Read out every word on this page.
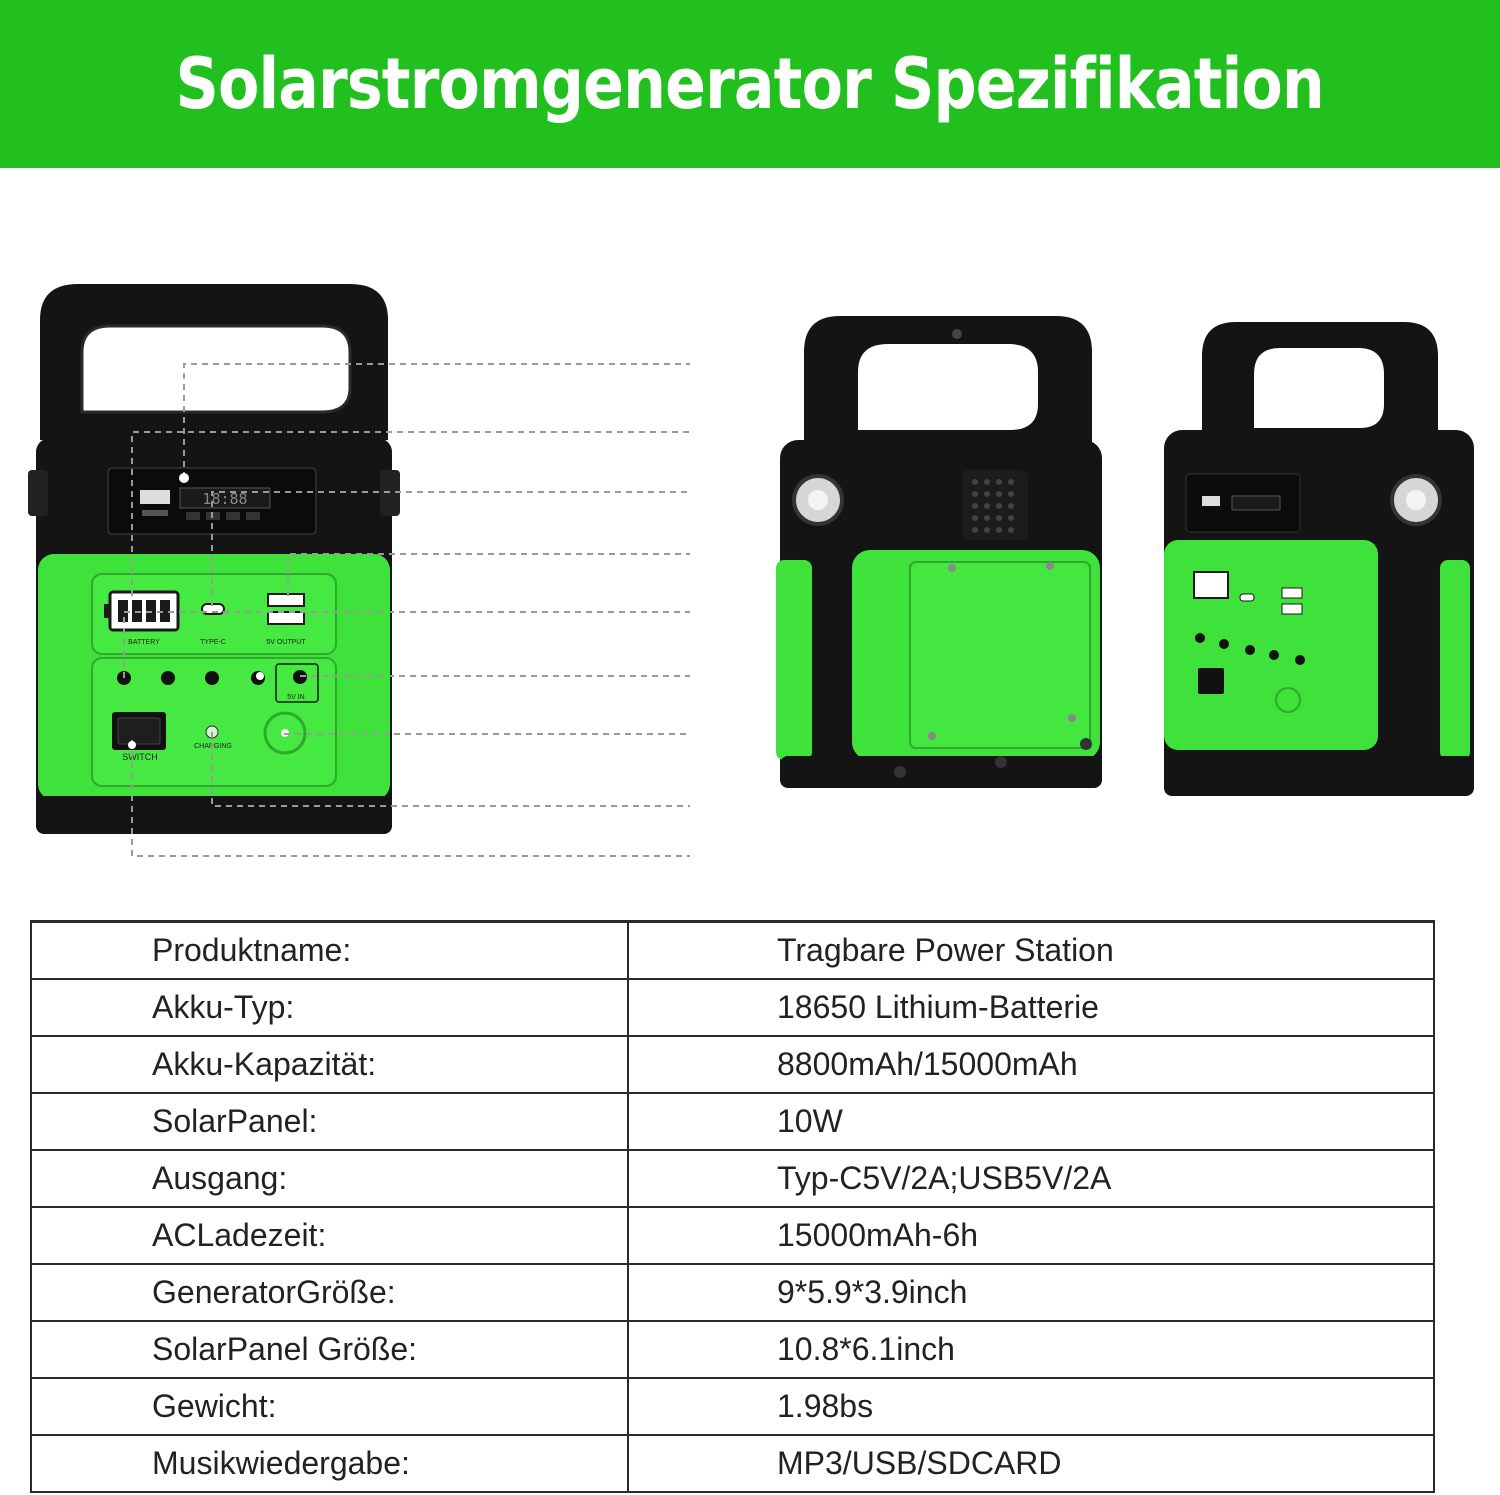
Solarstromgenerator Spezifikation
18:88
BATTERY	TYPE-C	5V OUTPUT
5V IN
SWITCH
CHARGING
Produktname:	Tragbare Power Station
Akku-Typ:	18650 Lithium-Batterie
Akku-Kapazität:	8800mAh/15000mAh
SolarPanel:	10W
Ausgang:	Typ-C5V/2A;USB5V/2A
ACLadezeit:	15000mAh-6h
GeneratorGröße:	9*5.9*3.9inch
SolarPanel Größe:	10.8*6.1inch
Gewicht:	1.98bs
Musikwiedergabe:	MP3/USB/SDCARD
